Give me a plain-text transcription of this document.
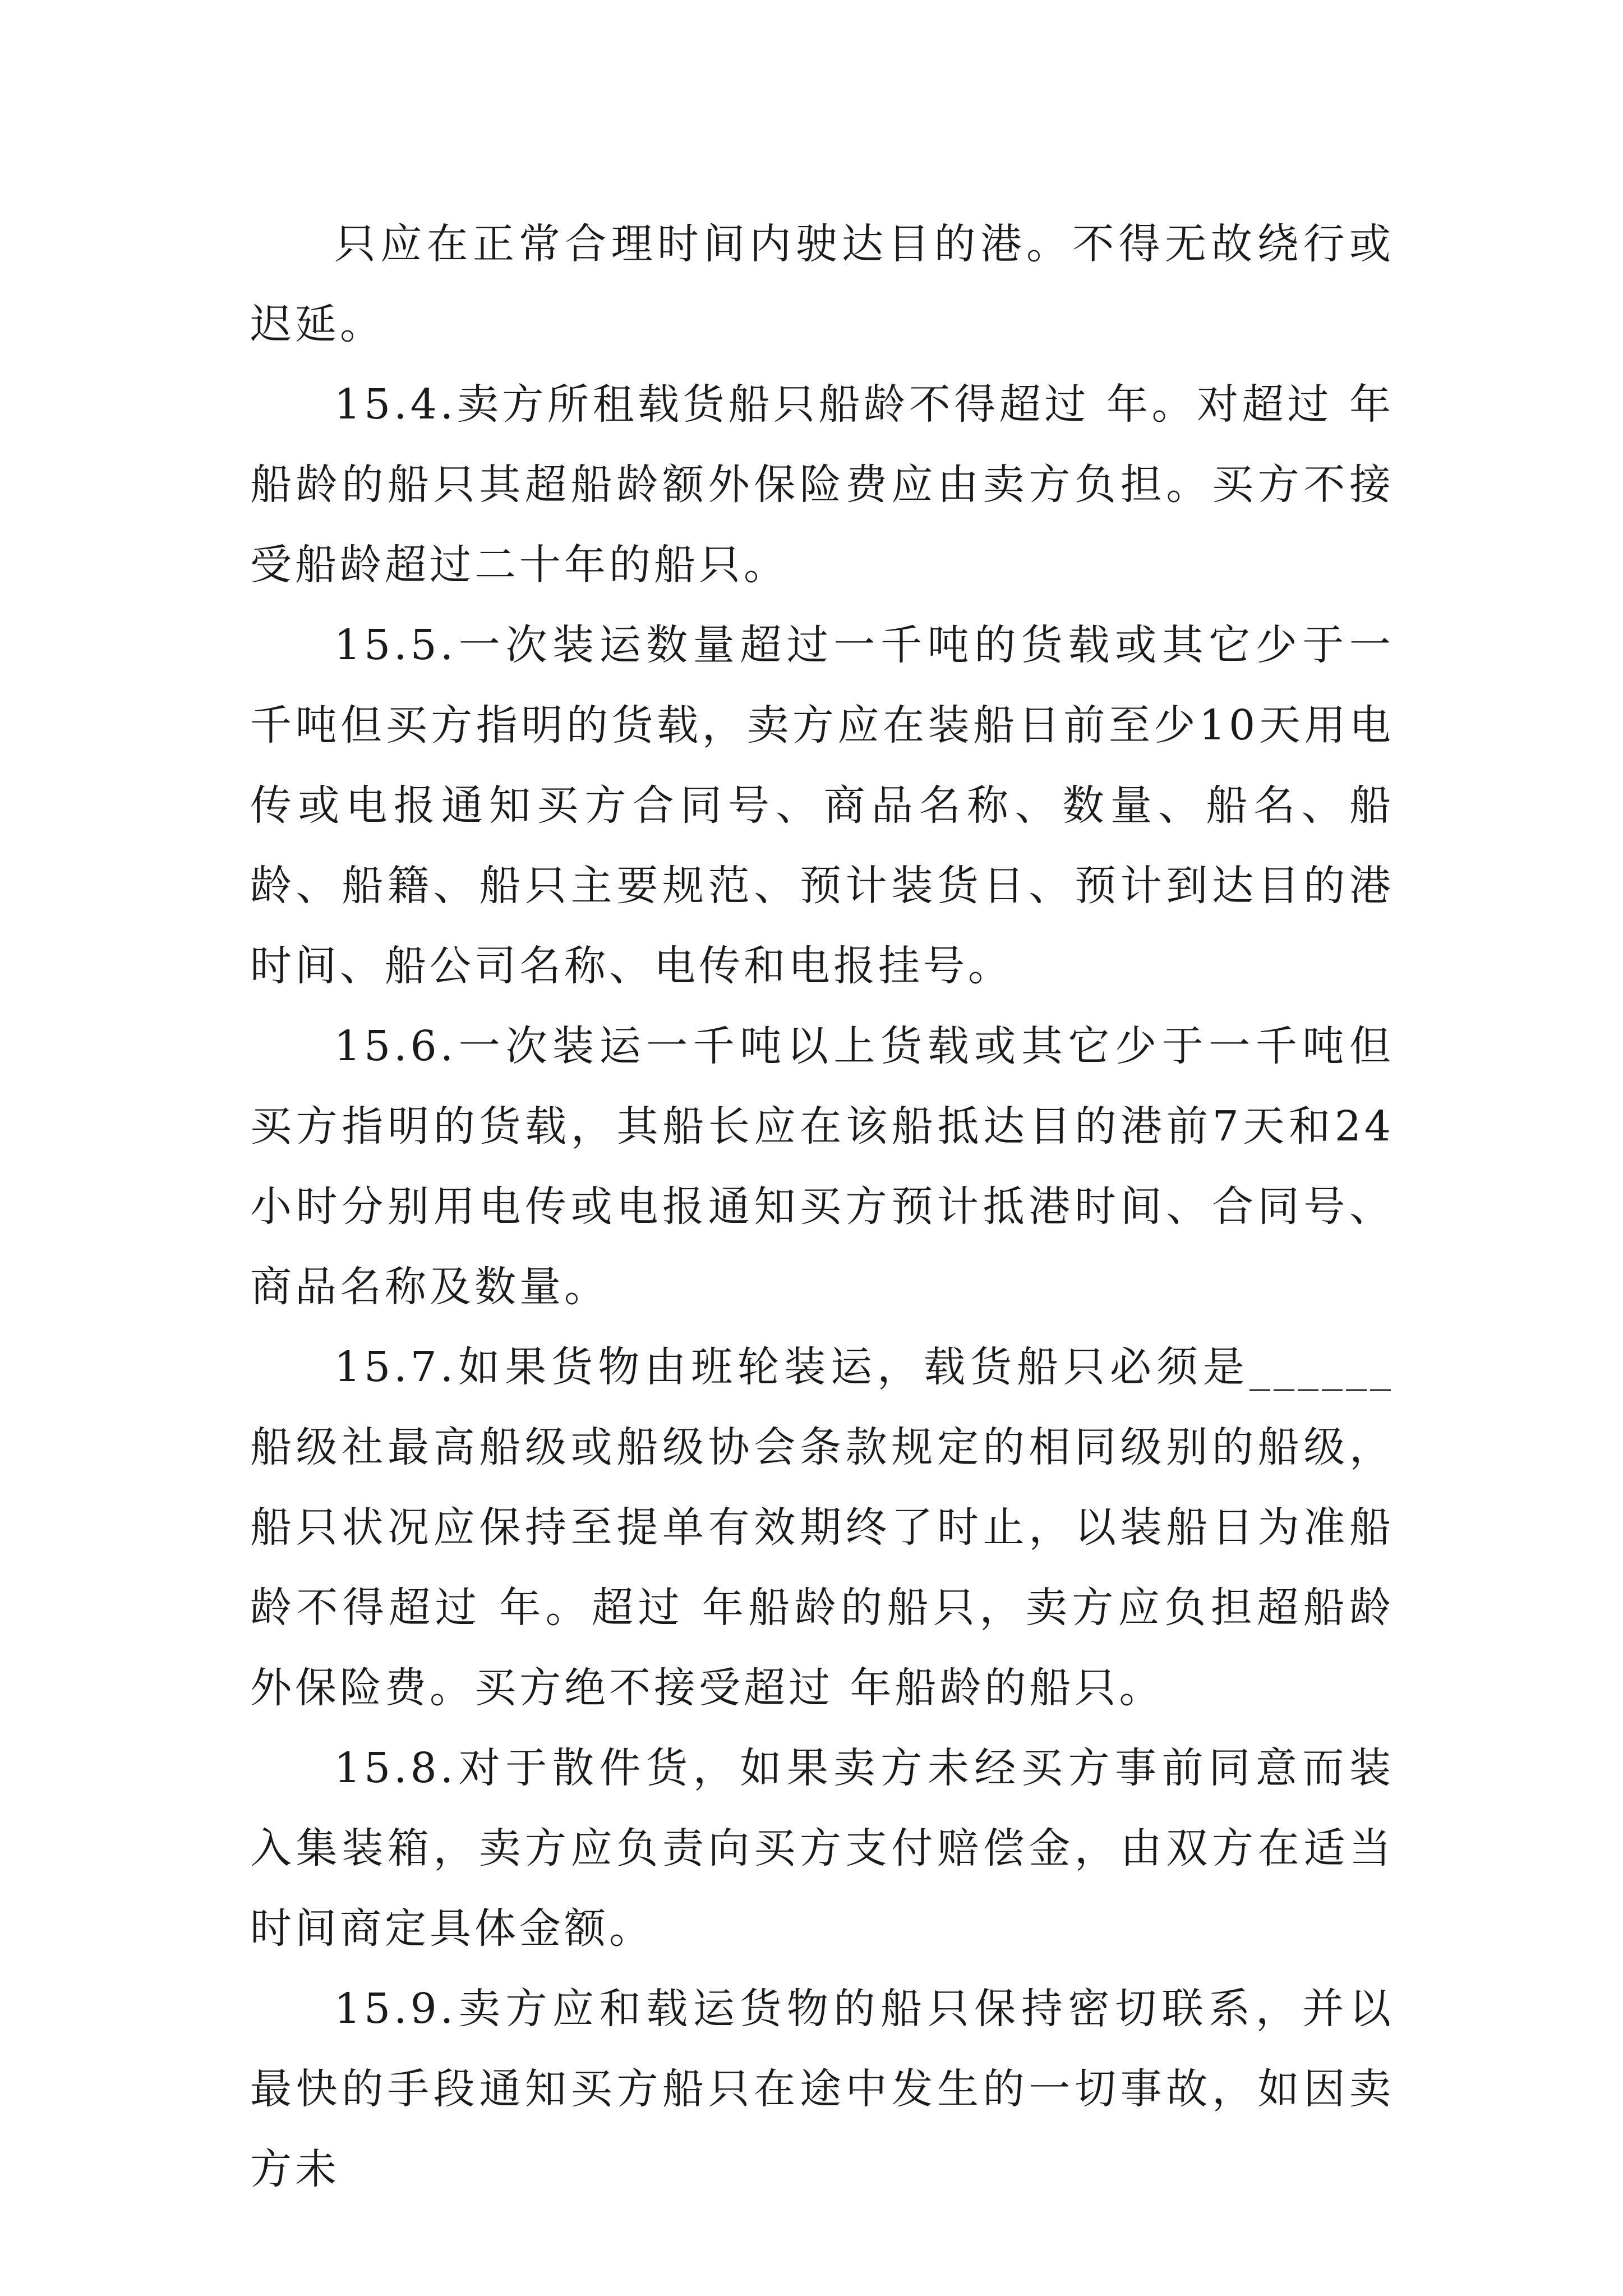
只应在正常合理时间内驶达目的港。不得无故绕行或迟延。

15.4.卖方所租载货船只船龄不得超过 年。对超过 年船龄的船只其超船龄额外保险费应由卖方负担。买方不接受船龄超过二十年的船只。

15.5.一次装运数量超过一千吨的货载或其它少于一千吨但买方指明的货载，卖方应在装船日前至少10天用电传或电报通知买方合同号、商品名称、数量、船名、船龄、船籍、船只主要规范、预计装货日、预计到达目的港时间、船公司名称、电传和电报挂号。

15.6.一次装运一千吨以上货载或其它少于一千吨但买方指明的货载，其船长应在该船抵达目的港前7天和24小时分别用电传或电报通知买方预计抵港时间、合同号、商品名称及数量。

15.7.如果货物由班轮装运，载货船只必须是______船级社最高船级或船级协会条款规定的相同级别的船级，船只状况应保持至提单有效期终了时止，以装船日为准船龄不得超过 年。超过 年船龄的船只，卖方应负担超船龄外保险费。买方绝不接受超过 年船龄的船只。

15.8.对于散件货，如果卖方未经买方事前同意而装入集装箱，卖方应负责向买方支付赔偿金，由双方在适当时间商定具体金额。

15.9.卖方应和载运货物的船只保持密切联系，并以最快的手段通知买方船只在途中发生的一切事故，如因卖方未
